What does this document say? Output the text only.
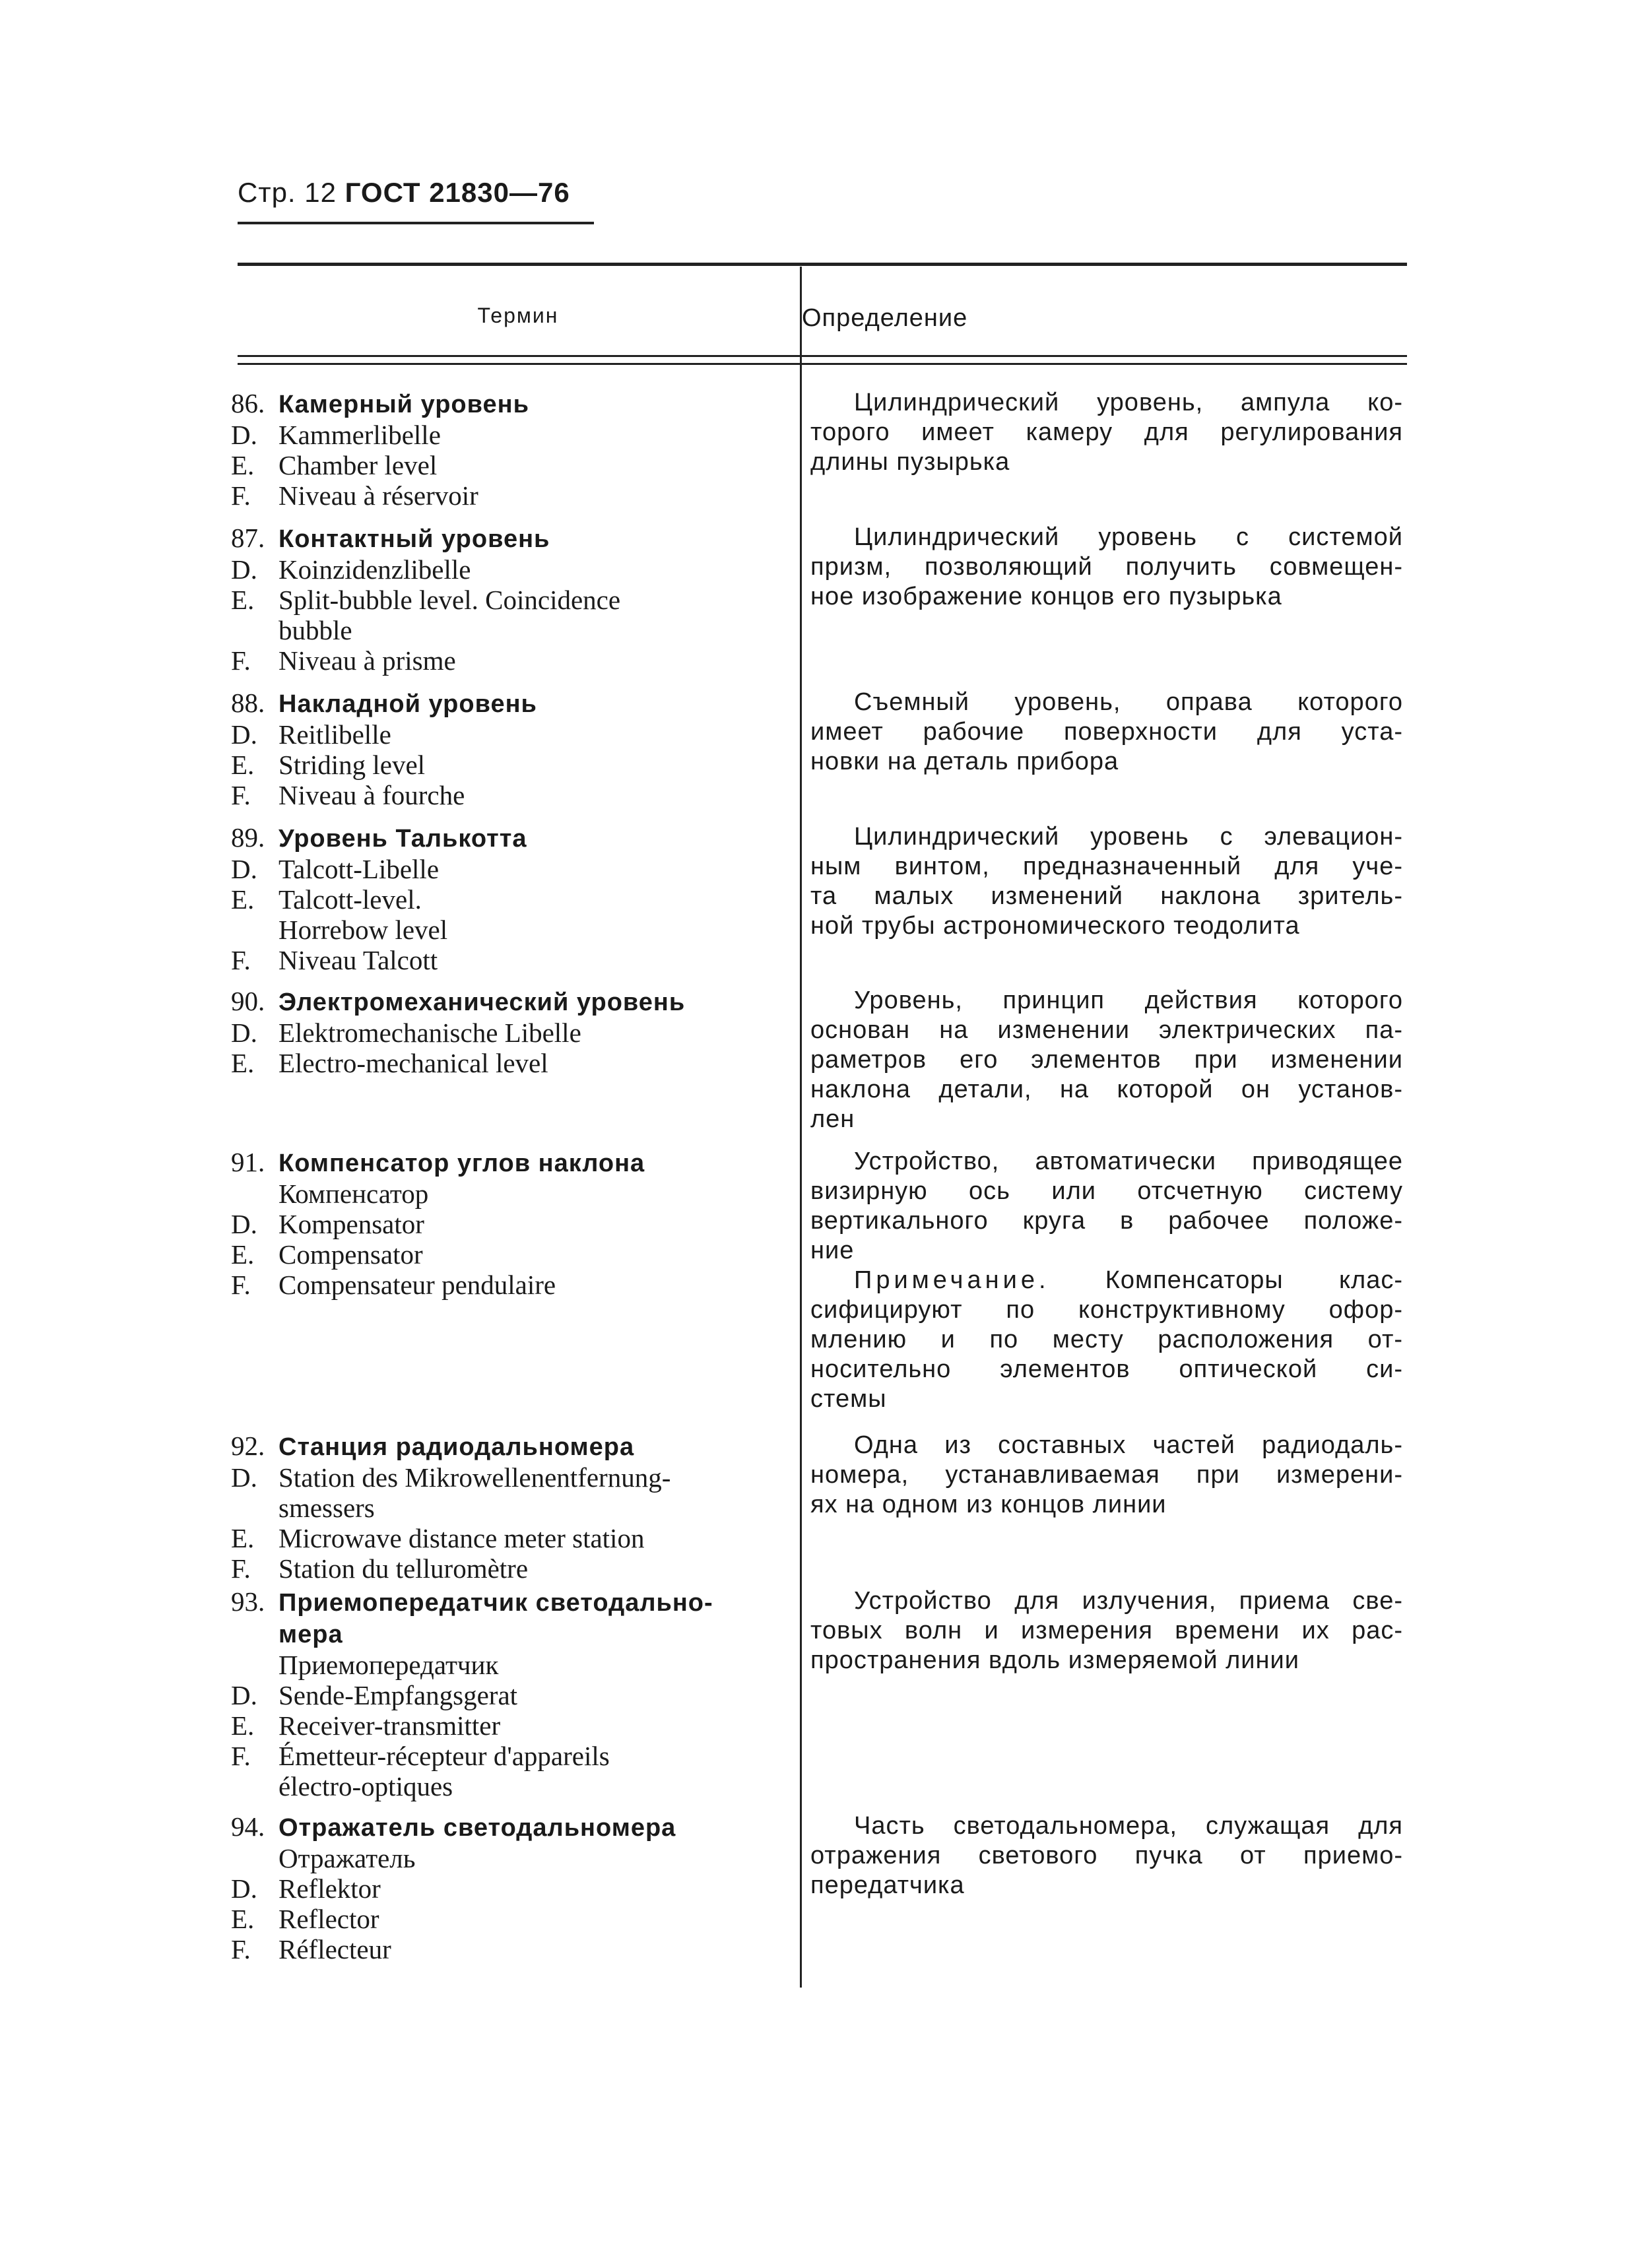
Стр. 12 ГОСТ 21830—76
Термин	Определение
86. Камерный уровень
D. Kammerlibelle
E. Chamber level
F. Niveau à réservoir
Цилиндрический уровень, ампула ко-
торого имеет камеру для регулирования
длины пузырька
87. Контактный уровень
D. Koinzidenzlibelle
E. Split-bubble level. Coincidence
bubble
F. Niveau à prisme
Цилиндрический уровень с системой
призм, позволяющий получить совмещен-
ное изображение концов его пузырька
88. Накладной уровень
D. Reitlibelle
E. Striding level
F. Niveau à fourche
Съемный уровень, оправа которого
имеет рабочие поверхности для уста-
новки на деталь прибора
89. Уровень Талькотта
D. Talcott-Libelle
E. Talcott-level.
Horrebow level
F. Niveau Talcott
Цилиндрический уровень с элевацион-
ным винтом, предназначенный для уче-
та малых изменений наклона зритель-
ной трубы астрономического теодолита
90. Электромеханический уровень
D. Elektromechanische Libelle
E. Electro-mechanical level
Уровень, принцип действия которого
основан на изменении электрических па-
раметров его элементов при изменении
наклона детали, на которой он установ-
лен
91. Компенсатор углов наклона
Компенсатор
D. Kompensator
E. Compensator
F. Compensateur pendulaire
Устройство, автоматически приводящее
визирную ось или отсчетную систему
вертикального круга в рабочее положе-
ние
Примечание. Компенсаторы клас-
сифицируют по конструктивному офор-
млению и по месту расположения от-
носительно элементов оптической си-
стемы
92. Станция радиодальномера
D. Station des Mikrowellenentfernung-
smessers
E. Microwave distance meter station
F. Station du telluromètre
Одна из составных частей радиодаль-
номера, устанавливаемая при измерени-
ях на одном из концов линии
93. Приемопередатчик светодально-
мера
Приемопередатчик
D. Sende-Empfangsgerat
E. Receiver-transmitter
F. Émetteur-récepteur d'appareils
électro-optiques
Устройство для излучения, приема све-
товых волн и измерения времени их рас-
пространения вдоль измеряемой линии
94. Отражатель светодальномера
Отражатель
D. Reflektor
E. Reflector
F. Réflecteur
Часть светодальномера, служащая для
отражения светового пучка от приемо-
передатчика
